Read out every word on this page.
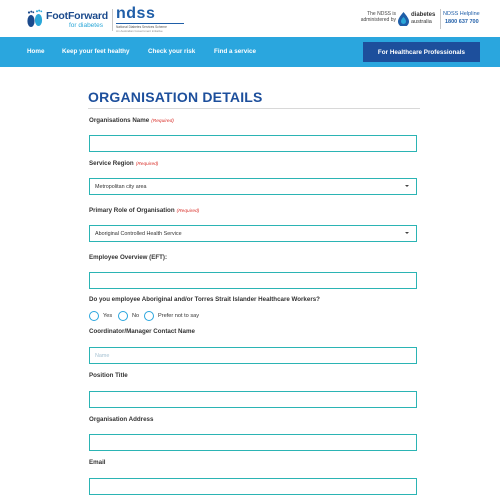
FootForward
for diabetes
ndss
National Diabetes Services Scheme
An Australian Government initiative
The NDSS is administered by
diabetes
australia
NDSS Helpline
1800 637 700
Home	Keep your feet healthy	Check your risk	Find a service	For Healthcare Professionals
ORGANISATION DETAILS
Organisations Name (Required)
Service Region (Required)
Metropolitan city area
Primary Role of Organisation (Required)
Aboriginal Controlled Health Service
Employee Overview (EFT):
Do you employee Aboriginal and/or Torres Strait Islander Healthcare Workers?
Yes	No	Prefer not to say
Coordinator/Manager Contact Name
Name
Position Title
Organisation Address
Email
